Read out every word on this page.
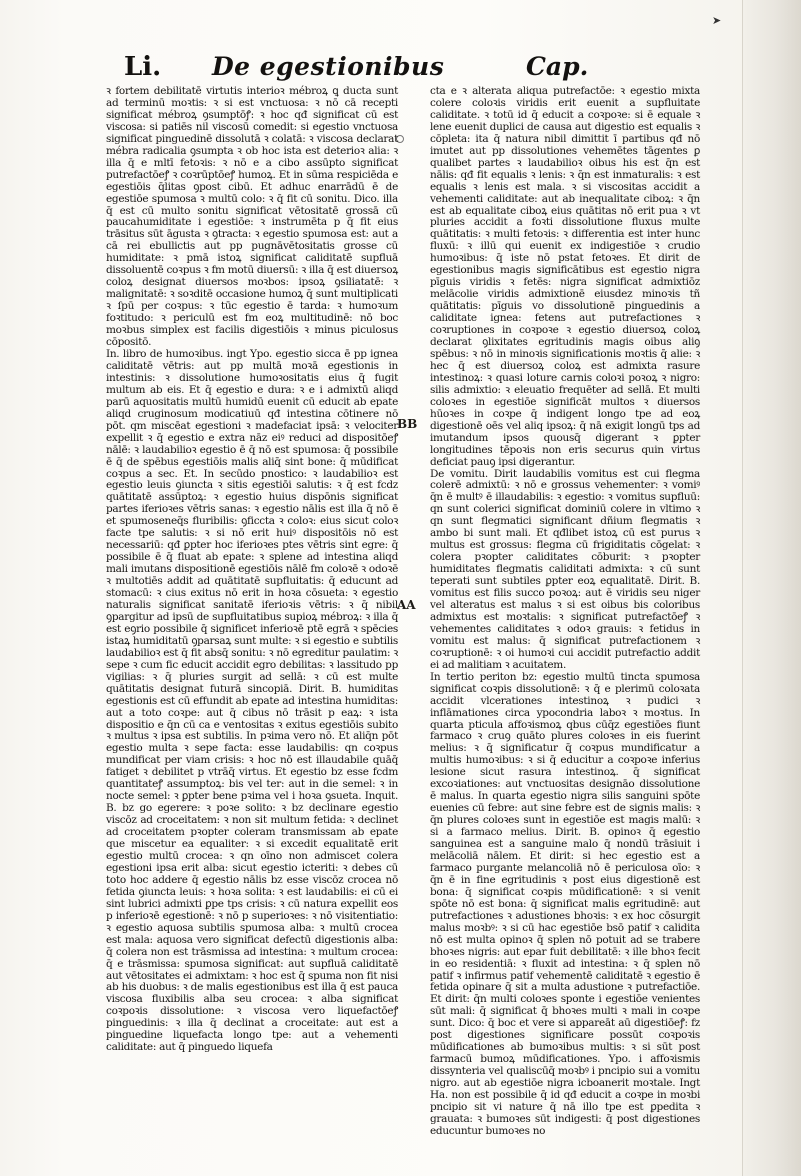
➤
Li. De egestionibus	Cap.
BB
AA

ꝛ fortem debilitatē virtutis interioꝛ mébroꝝ ꝗ ducta sunt ad terminū moꝛtis: ꝛ si est vnctuosa: ꝛ nō cā recepti significat mébroꝝ ꝯsumptōꝭ: ꝛ hoc qđ significat cū est viscosa: si patiēs nil viscosū comedit: si egestio vnctuosa significat pinguedinē dissolutā ꝛ colatā: ꝛ viscosa declarat mébra radicalia ꝯsumpta ꝛ ob hoc ista est deterioꝛ alia: ꝛ illa q̄ e mltī fetoꝛis: ꝛ nō e a cibo assūpto significat putrefactōeꝭ ꝛ coꝛrūptōeꝭ humoꝝ. Et in sūma respiciēda e egestiōis q̄litas ꝯpost cibū. Et adhuc enarrādū ē de egestiōe spumosa ꝛ multū colo: ꝛ q̄ fit cū sonitu. Dico. illa q̄ est cū multo sonitu significat vētositatē grossā cū paucahumiditate i egestiōe: ꝛ instrumēta p q̄ fit eius trāsitus sūt āgusta ꝛ ꝯtracta: ꝛ egestio spumosa est: aut a cā rei ebullictis aut pp pugnāvētositatis grosse cū humiditate: ꝛ pmā istoꝝ significat caliditatē supfluā dissoluentē coꝛpus ꝛ fm motū diuersū: ꝛ illa q̄ est diuersoꝝ coloꝝ designat diuersos moꝛbos: ipsoꝝ ꝯsiliatatē: ꝛ malignitatē: ꝛ soꝛditē occasione humoꝝ q̄ sunt multiplicati ꝛ ſpū per coꝛpus: ꝛ tūc egestio ē tarda: ꝛ humoꝛum foꝛtitudo: ꝛ periculū est fm eoꝝ multitudinē: nō boc moꝛbus simplex est facilis digestiōis ꝛ minus piculosus cōpositō.

In. libro de humoꝛibus. ingt Ypo. egestio sicca ē pp ignea caliditatē vētris: aut pp multā moꝛā egestionis in intestinis: ꝛ dissolutione humoꝛositatis eius q̄ fugit multum ab eis. Et q̄ egestio e dura: ꝛ e i admixtū aliqd parū aquositatis multū humidū euenit cū educit ab epate aliqd cruginosum modicatiuū qđ intestina cōtinere nō pōt. qm miscēat egestioni ꝛ madefaciat ipsā: ꝛ velociter expellit ꝛ q̄ egestio e extra nāz eiꝰ reduci ad dispositōeꝭ nālē: ꝛ laudabilioꝛ egestio ē q̄ nō est spumosa: q̄ possibile ē q̄ de spēbus egestiōis malis aliq̄ sint bone: q̄ mūdificat coꝛpus a sec. Et. In secūdo pnostico: ꝛ laudabilioꝛ est egestio leuis ꝯiuncta ꝛ sitis egestiōi salutis: ꝛ q̄ est fcdz quātitatē assūptoꝝ: ꝛ egestio huius dispōnis significat partes iferioꝛes vētris sanas: ꝛ egestio nālis est illa q̄ nō ē et spumoseneq̄s fluribilis: ꝯficcta ꝛ coloꝛ: eius sicut coloꝛ facte tpe salutis: ꝛ si nō erit huiꝰ dispositōis nō est necessariū: qđ ꝑpter hoc iferioꝛes ptes vētris sint egre: q̄ possibile ē q̄ fluat ab epate: ꝛ splene ad intestina aliqd mali imutans dispositionē egestiōis nālē fm coloꝛē ꝛ odoꝛē ꝛ multotiēs addit ad quātitatē supfluitatis: q̄ educunt ad stomacū: ꝛ cius exitus nō erit in hoꝛa cōsueta: ꝛ egestio naturalis significat sanitatē iferioꝛis vētris: ꝛ q̄ nibil ꝯpargitur ad ipsū de supfluitatibus supioꝝ mébroꝝ: ꝛ illa q̄ est eꝯrio possibile q̄ significet inferioꝛē ptē egrā ꝛ spēcies istaꝝ humiditatū ꝯparsaꝝ sunt multe: ꝛ si egestio e subtilis laudabilioꝛ est q̄ fit absq̄ sonitu: ꝛ nō egreditur paulatim: ꝛ sepe ꝛ cum fic educit accidit egro debilitas: ꝛ lassitudo pp vigilias: ꝛ q̄ pluries surgit ad sellā: ꝛ cū est multe quātitatis designat futurā sincopiā. Dirit. B. humiditas egestionis est cū effundit ab epate ad intestina humiditas: aut a toto coꝛpe: aut q̄ cibus nō trāsit p eaꝝ: ꝛ ista dispositio e q̄n cū ca e ventositas ꝛ exitus egestiōis subito ꝛ multus ꝛ ipsa est subtilis. In pꝛima vero nō. Et aliq̄n pōt egestio multa ꝛ sepe facta: esse laudabilis: qn coꝛpus mundificat per viam crisis: ꝛ hoc nō est illaudabile quāq̄ fatiget ꝛ debilitet p vtrāq̄ virtus. Et egestio bz esse fcdm quantitateꝭ assumptoꝝ: bis vel ter: aut in die semel: ꝛ in nocte semel: ꝛ ꝑpter bene pꝛima vel i hoꝛa ꝯsueta. Inquit. B. bz go egerere: ꝛ poꝛe solito: ꝛ bz declinare egestio viscōz ad croceitatem: ꝛ non sit multum fetida: ꝛ declinet ad croceitatem pꝛopter coleram transmissam ab epate que miscetur ea equaliter: ꝛ si excedit equalitatē erit egestio multū crocea: ꝛ qn oīno non admiscet colera egestioni ipsa erit alba: sicut egestio icteriti: ꝛ debes cū toto hoc addere q̄ egestio nālis bz esse viscōz crocea nō fetida ꝯiuncta leuis: ꝛ hoꝛa solita: ꝛ est laudabilis: ei cū ei sint lubrici admixti ꝑpe tps crisis: ꝛ cū natura expellit eos p inferioꝛē egestionē: ꝛ nō p superioꝛes: ꝛ nō visitentiatio: ꝛ egestio aquosa subtilis spumosa alba: ꝛ multū crocea est mala: aquosa vero significat defectū digestionis alba: q̄ colera non est trāsmissa ad intestina: ꝛ multum crocea: q̄ e trāsmissa: spumosa significat: aut supfluā caliditatē aut vētositates ei admixtam: ꝛ hoc est q̄ spuma non fit nisi ab his duobus: ꝛ de malis egestionibus est illa q̄ est pauca viscosa fluxibilis alba seu crocea: ꝛ alba significat coꝛpoꝛis dissolutione: ꝛ viscosa vero liquefactōeꝭ pinguedinis: ꝛ illa q̄ declinat a croceitate: aut est a pinguedine liquefacta longo tpe: aut a vehementi caliditate: aut q̄ pinguedo liquefa

cta e ꝛ alterata aliqua putrefactōe: ꝛ egestio mixta colere coloꝛis viridis erit euenit a supfluitate caliditate. ꝛ totū id q̄ educit a coꝛpoꝛe: si ē equale ꝛ lene euenit duplici de causa aut digestio est equalis ꝛ cōpleta: ita q̄ natura nibil dimittit ī partibus qđ nō imutet aut pp dissolutiones vehemētes tāgentes ꝑ qualibet partes ꝛ laudabilioꝛ oibus his est q̄n est nālis: qđ fit equalis ꝛ lenis: ꝛ q̄n est inmaturalis: ꝛ est equalis ꝛ lenis est mala. ꝛ si viscositas accidit a vehementi caliditate: aut ab inequalitate ciboꝝ: ꝛ q̄n est ab equalitate ciboꝝ eius quātitas nō erit pua ꝛ vt pluries accidit a foꝛti dissolutione fluxus multe quātitatis: ꝛ multi fetoꝛis: ꝛ differentia est inter hunc fluxū: ꝛ illū qui euenit ex indigestiōe ꝛ crudio humoꝛibus: q̄ iste nō pstat fetoꝛes. Et dirit de egestionibus magis significātibus est egestio nigra pīguis viridis ꝛ fetēs: nigra significat admixtiōz melācolie viridis admixtionē eiusdez minoꝛis tñ quātitatis: pīguis vo dissolutionē pinguedinis a caliditate ignea: fetens aut putrefactiones ꝛ coꝛruptiones in coꝛpoꝛe ꝛ egestio diuersoꝝ coloꝝ declarat ꝯlixitates egritudinis magis oibus aliꝯ spēbus: ꝛ nō in minoꝛis significationis moꝛtis q̄ alie: ꝛ hec q̄ est diuersoꝝ coloꝝ est admixta rasure intestinoꝝ: ꝛ quasi loture carnis coloꝛi poꝛoꝝ ꝛ nigro: silis admixtio: ꝛ eleuatio frequēter ad sellā. Et multi coloꝛes in egestiōe significāt multos ꝛ diuersos hūoꝛes in coꝛpe q̄ indigent longo tpe ad eoꝝ digestionē oēs vel aliq ipsoꝝ: q̄ nā exigit longū tps ad imutandum ipsos quousq̄ digerant ꝛ ꝑpter longitudines tēpoꝛis non eris securus quin virtus deficiat pauꝯ ipsi digerantur.

De vomitu. Dirit laudabilis vomitus est cui flegma colerē admixtū: ꝛ nō e grossus vehementer: ꝛ vomiꝰ q̄n ē multꝰ ē illaudabilis: ꝛ egestio: ꝛ vomitus supfluū: qn sunt colerici significat dominiū colere in vltimo ꝛ qn sunt flegmatici significant dñium flegmatis ꝛ ambo bi sunt mali. Et qđlibet istoꝝ cū est purus ꝛ multus est grossus: flegma cū frigiditatis cōgelat: ꝛ colera pꝛopter caliditates cōburit: ꝛ pꝛopter humiditates flegmatis caliditati admixta: ꝛ cū sunt teperati sunt subtiles ꝑpter eoꝝ equalitatē. Dirit. B. vomitus est filis succo poꝛoꝝ: aut ē viridis seu niger vel alteratus est malus ꝛ si est oibus bis coloribus admixtus est moꝛtalis: ꝛ significat putrefactōeꝭ ꝛ vehementes caliditates ꝛ odoꝛ grauis: ꝛ fetidus in vomitu est malus: q̄ significat putrefactionem ꝛ coꝛruptionē: ꝛ oi humoꝛi cui accidit putrefactio addit ei ad malitiam ꝛ acuitatem.

In tertio periton bz: egestio multū tincta spumosa significat coꝛpis dissolutionē: ꝛ q̄ e plerimū coloꝛata accidit vlcerationes intestinoꝝ ꝛ pudici ꝛ inflāmationes circa ypocondria laboꝛ ꝛ moꝛtus. In quarta pticula affoꝛismoꝝ qbus cūq̄z egestiōes fiunt farmaco ꝛ cruꝯ quāto plures coloꝛes in eis fuerint melius: ꝛ q̄ significatur q̄ coꝛpus mundificatur a multis humoꝛibus: ꝛ si q̄ educitur a coꝛpoꝛe inferius lesione sicut rasura intestinoꝝ. q̄ significat excoꝛiationes: aut vnctuositas designāo dissolutione ē malus. In quarta egestio nigra silis sanguini spōte euenies cū febre: aut sine febre est de signis malis: ꝛ q̄n plures coloꝛes sunt in egestiōe est magis malū: ꝛ si a farmaco melius. Dirit. B. opinoꝛ q̄ egestio sanguinea est a sanguine malo q̄ nondū trāsiuit i melācoliā nālem. Et dirit: si hec egestio est a farmaco purgante melancoliā nō ē periculosa oīo: ꝛ q̄n ē in fine egritudinis ꝛ post eius digestionē est bona: q̄ significat coꝛpis mūdificationē: ꝛ si venit spōte nō est bona: q̄ significat malis egritudinē: aut putrefactiones ꝛ adustiones bhoꝛis: ꝛ ex hoc cōsurgit malus moꝛbꝰ: ꝛ si cū hac egestiōe bsō patif ꝛ calidita nō est multa opinoꝛ q̄ splen nō potuit ad se trabere bhoꝛes nigris: aut epar fuit debilitatē: ꝛ ille bhoꝛ fecit in eo residentiā: ꝛ fluxit ad intestina: ꝛ q̄ splen nō patif ꝛ infirmus patif vehementē caliditatē ꝛ egestio ē fetida opinare q̄ sit a multa adustione ꝛ putrefactiōe. Et dirit: q̄n multi coloꝛes sponte i egestiōe venientes sūt mali: q̄ significat q̄ bhoꝛes multi ꝛ mali in coꝛpe sunt. Dico: q̄ boc et vere si appareāt aū digestiōeꝭ: fz post digestiones significare possūt coꝛpoꝛis mūdificationes ab bumoꝛibus multis: ꝛ si sūt post farmacū bumoꝝ mūdificationes. Ypo. i affoꝛismis dissynteria vel qualiscūq̄ moꝛbꝰ i pncipio sui a vomitu nigro. aut ab egestiōe nigra icboanerit moꝛtale. Ingt Ha. non est possibile q̄ id qđ educit a coꝛpe in moꝛbi pncipio sit vi nature q̄ nā illo tpe est ꝑpedita ꝛ grauata: ꝛ bumoꝛes sūt indigesti: q̄ post digestiones educuntur bumoꝛes no
